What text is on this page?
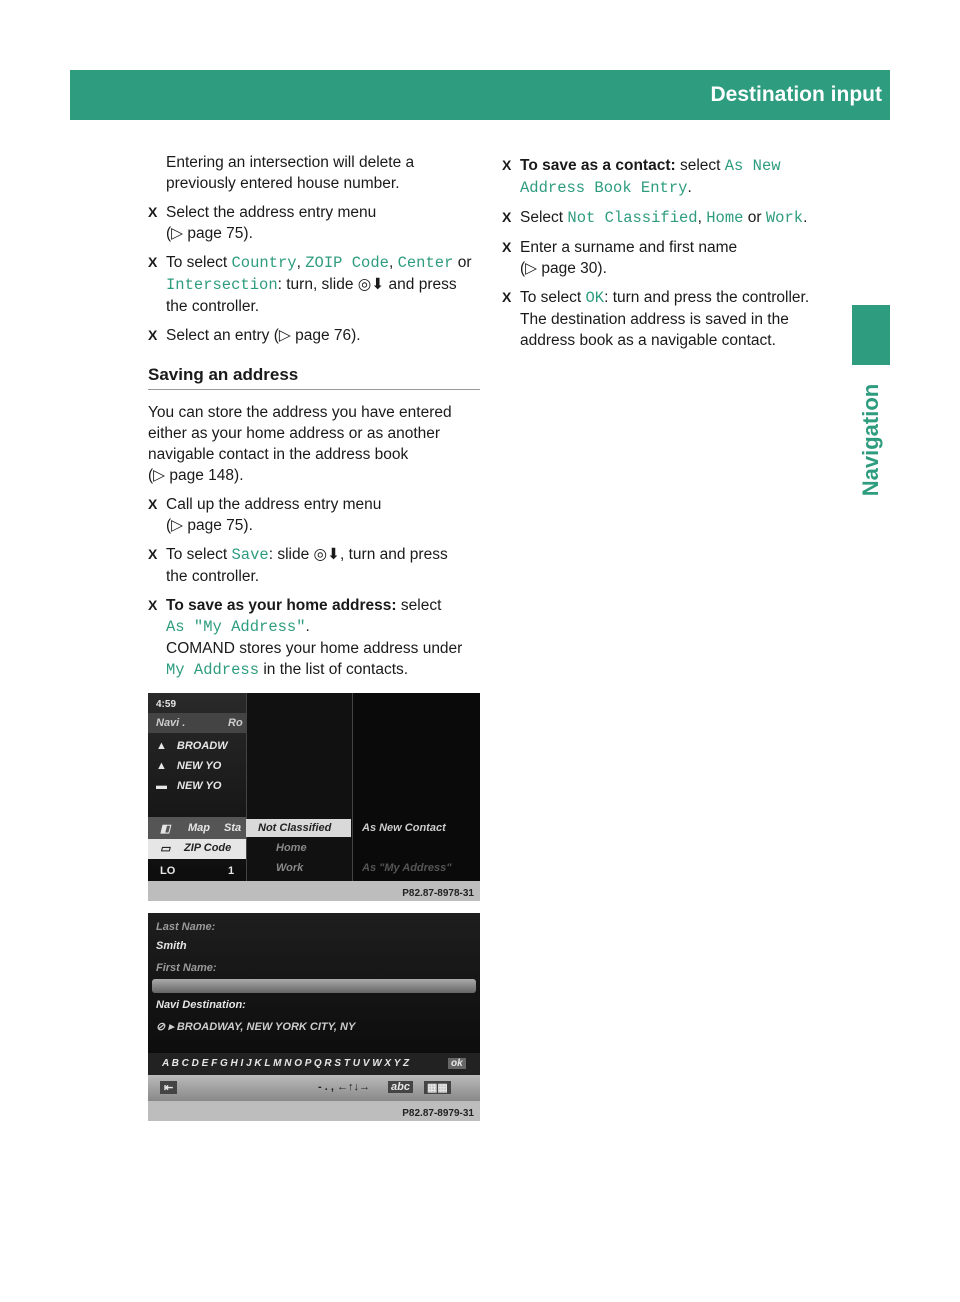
Destination input	77
Navigation

Entering an intersection will delete a

previously entered house number.

X Select the address entry menu

(▷ page 75).

X To select Country, ZOIP Code, Center or

Intersection: turn, slide ◎⬇ and press

the controller.

X Select an entry (▷ page 76).

Saving an address

You can store the address you have entered

either as your home address or as another

navigable contact in the address book

(▷ page 148).

X Call up the address entry menu

(▷ page 75).

X To select Save: slide ◎⬇, turn and press

the controller.

X To save as your home address: select

As "My Address".

COMAND stores your home address under

My Address in the list of contacts.

X To save as a contact: select As New

Address Book Entry.

X Select Not Classified, Home or Work.

X Enter a surname and first name

(▷ page 30).

X To select OK: turn and press the controller.

The destination address is saved in the

address book as a navigable contact.

4:59
Navi .	Ro
▲ BROADW
▲ NEW YO
▬ NEW YO
Map Sta
◧
▭ ZIP Code
LO	1
Not Classified
Home
Work
As New Contact
As "My Address"
P82.87-8978-31
Last Name:
Smith
First Name:
Navi Destination:
⊘ ▸ BROADWAY, NEW YORK CITY, NY
A B C D E F G H I J K L M N O P Q R S T U V W X Y Z	ok
⇤	- . , ←↑↓→ abc ▦▦
P82.87-8979-31
